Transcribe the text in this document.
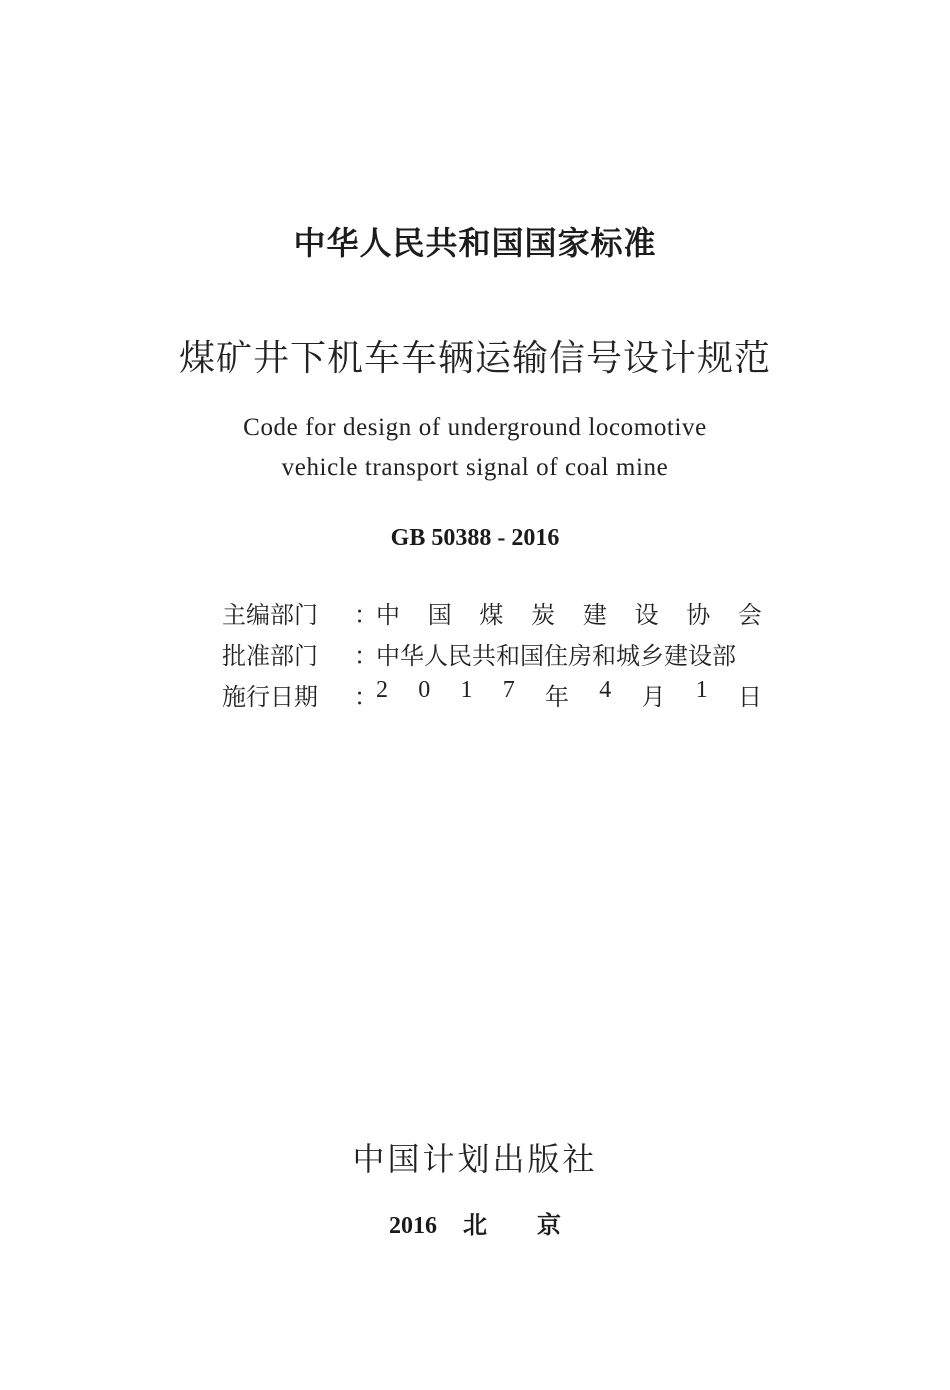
中华人民共和国国家标准
煤矿井下机车车辆运输信号设计规范
Code for design of underground locomotive
vehicle transport signal of coal mine
GB 50388 - 2016
主编部门	：
中 国 煤 炭 建 设 协 会
批准部门	：
中华人民共和国住房和城乡建设部
施行日期	：
2 0 1 7 年 4 月 1 日
中国计划出版社
2016 北 京
